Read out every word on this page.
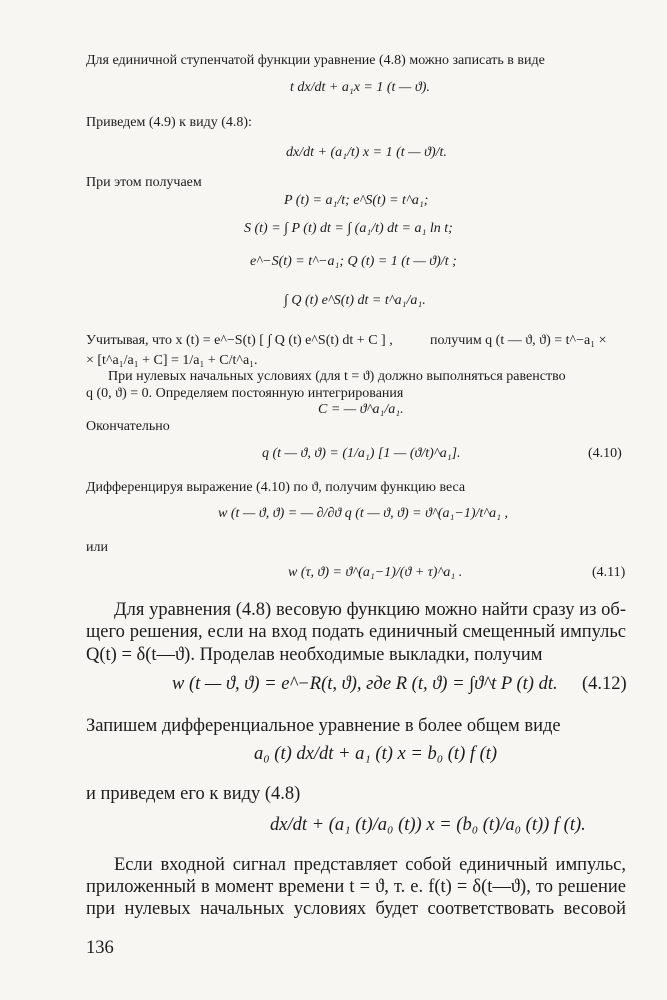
Для единичной ступенчатой функции уравнение (4.8) можно записать в виде
t dx/dt + a₁x = 1 (t — ϑ).
Приведем (4.9) к виду (4.8):
dx/dt + (a₁/t) x = 1 (t — ϑ)/t.
При этом получаем
P (t) = a₁/t; e^S(t) = t^a₁;
S (t) = ∫ P (t) dt = ∫ (a₁/t) dt = a₁ ln t;
e^−S(t) = t^−a₁; Q (t) = 1 (t — ϑ)/t ;
∫ Q (t) e^S(t) dt = t^a₁/a₁.
Учитывая, что x (t) = e^−S(t) [ ∫ Q (t) e^S(t) dt + C ] ,	получим q (t — ϑ, ϑ) = t^−a₁ ×
× [t^a₁/a₁ + C] = 1/a₁ + C/t^a₁.
При нулевых начальных условиях (для t = ϑ) должно выполняться равенство
q (0, ϑ) = 0. Определяем постоянную интегрирования
C = — ϑ^a₁/a₁.
Окончательно
q (t — ϑ, ϑ) = (1/a₁) [1 — (ϑ/t)^a₁].	(4.10)
Дифференцируя выражение (4.10) по ϑ, получим функцию веса
w (t — ϑ, ϑ) = — ∂/∂ϑ q (t — ϑ, ϑ) = ϑ^(a₁−1)/t^a₁ ,
или
w (τ, ϑ) = ϑ^(a₁−1)/(ϑ + τ)^a₁ .	(4.11)
Для уравнения (4.8) весовую функцию можно найти сразу из об-
щего решения, если на вход подать единичный смещенный импульс
Q(t) = δ(t—ϑ). Проделав необходимые выкладки, получим
w (t — ϑ, ϑ) = e^−R(t, ϑ), где R (t, ϑ) = ∫ϑ^t P (t) dt. (4.12)
Запишем дифференциальное уравнение в более общем виде
a₀ (t) dx/dt + a₁ (t) x = b₀ (t) f (t)
и приведем его к виду (4.8)
dx/dt + (a₁ (t)/a₀ (t)) x = (b₀ (t)/a₀ (t)) f (t).
Если входной сигнал представляет собой единичный импульс,
приложенный в момент времени t = ϑ, т. е. f(t) = δ(t—ϑ), то решение
при нулевых начальных условиях будет соответствовать весовой
136
